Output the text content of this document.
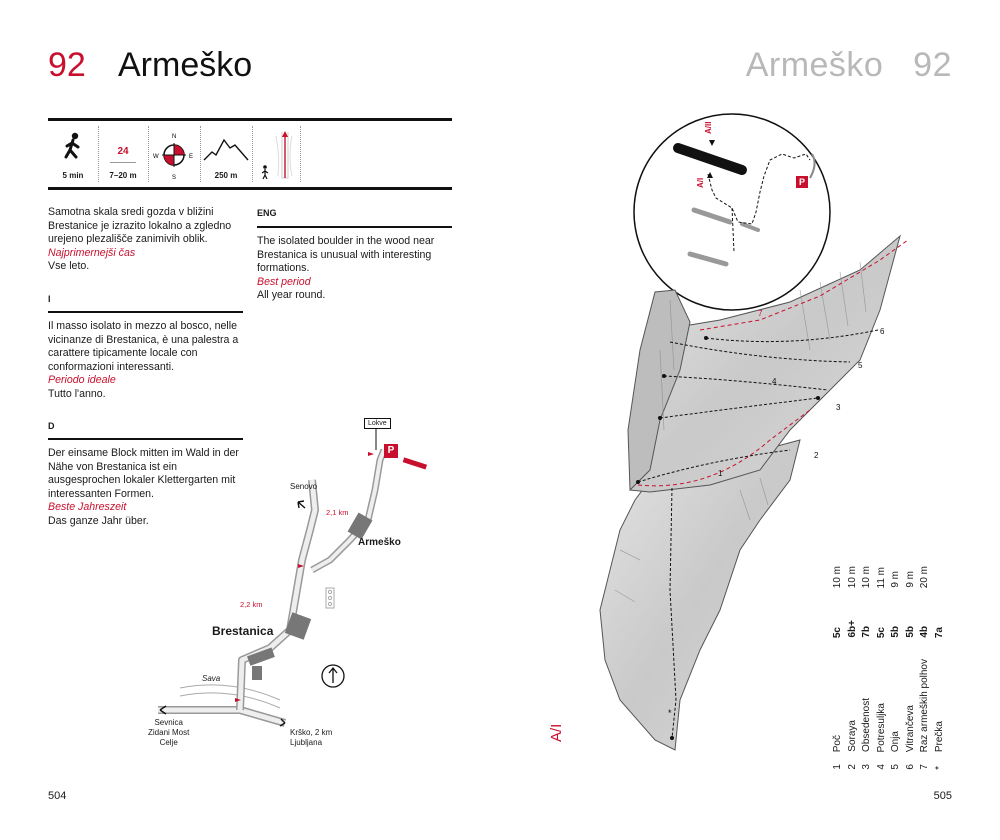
92 Armeško
5 min
24
7–20 m
N
E
S
W
250 m
Samotna skala sredi gozda v bližini Brestanice je izrazito lokalno a zgledno urejeno plezališče zanimivih oblik.
Najprimernejši čas
Vse leto.
ENG
The isolated boulder in the wood near Brestanica is unusual with interesting formations.
Best period
All year round.
I
Il masso isolato in mezzo al bosco, nelle vicinanze di Brestanica, è una palestra a carattere tipicamente locale con conformazioni interessanti.
Periodo ideale
Tutto l'anno.
D
Der einsame Block mitten im Wald in der Nähe von Brestanica ist ein ausgesprochen lokaler Klettergarten mit interessanten Formen.
Beste Jahreszeit
Das ganze Jahr über.
Lokve
P
Senovo
2,1 km
Armeško
2,2 km
Brestanica
Sava
Sevnica
Zidani Most
Celje
Krško, 2 km
Ljubljana
504
Armeško 92
A/II
A/I	P
*
1
2
3
4
5
6
7
A/I
1
Poč
5c
10 m
2
Soraya
6b+
10 m
3
Obsedenost
7b
10 m
4
Potresuljka
5c
11 m
5
Onja
5b
9 m
6
Vitrančeva
5b
9 m
7
Raz armeških polhov
4b
20 m
*
Prečka
7a
505
